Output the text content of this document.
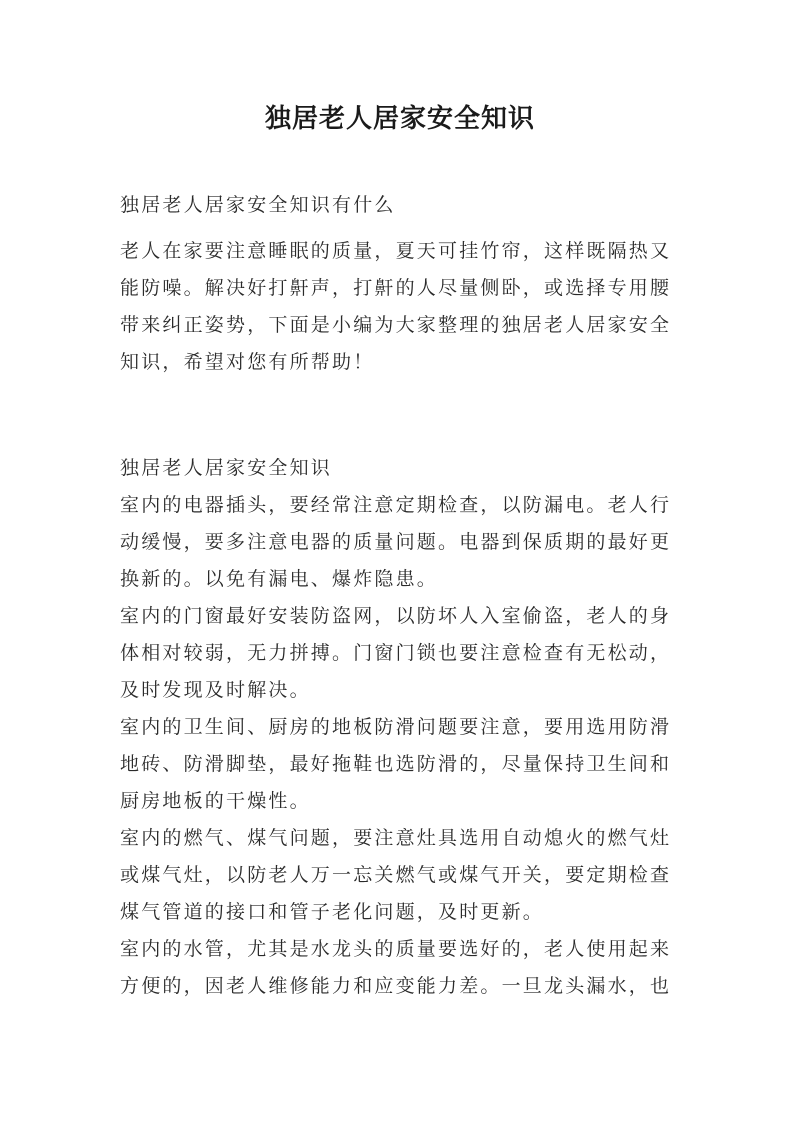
独居老人居家安全知识

独居老人居家安全知识有什么

老人在家要注意睡眠的质量，夏天可挂竹帘，这样既隔热又能防噪。解决好打鼾声，打鼾的人尽量侧卧，或选择专用腰带来纠正姿势，下面是小编为大家整理的独居老人居家安全知识，希望对您有所帮助！

独居老人居家安全知识

室内的电器插头，要经常注意定期检查，以防漏电。老人行动缓慢，要多注意电器的质量问题。电器到保质期的最好更换新的。以免有漏电、爆炸隐患。

室内的门窗最好安装防盗网，以防坏人入室偷盗，老人的身体相对较弱，无力拼搏。门窗门锁也要注意检查有无松动，及时发现及时解决。

室内的卫生间、厨房的地板防滑问题要注意，要用选用防滑地砖、防滑脚垫，最好拖鞋也选防滑的，尽量保持卫生间和厨房地板的干燥性。

室内的燃气、煤气问题，要注意灶具选用自动熄火的燃气灶或煤气灶，以防老人万一忘关燃气或煤气开关，要定期检查煤气管道的接口和管子老化问题，及时更新。

室内的水管，尤其是水龙头的质量要选好的，老人使用起来方便的，因老人维修能力和应变能力差。一旦龙头漏水，也
